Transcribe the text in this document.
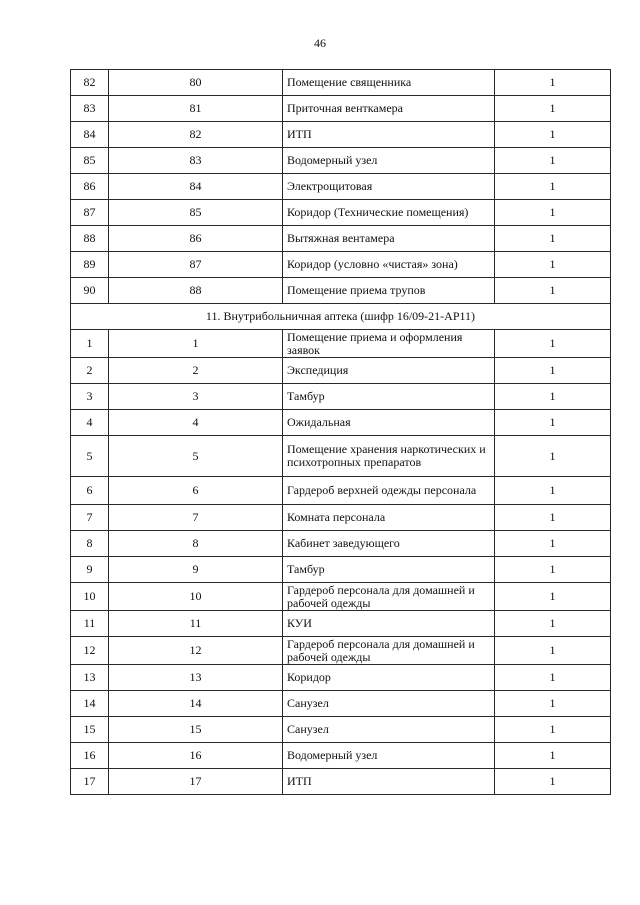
46
82	80	Помещение священника	1
83	81	Приточная венткамера	1
84	82	ИТП	1
85	83	Водомерный узел	1
86	84	Электрощитовая	1
87	85	Коридор (Технические помещения)	1
88	86	Вытяжная вентамера	1
89	87	Коридор (условно «чистая» зона)	1
90	88	Помещение приема трупов	1
11. Внутрибольничная аптека (шифр 16/09-21-АР11)			
1	1	Помещение приема и оформления заявок	1
2	2	Экспедиция	1
3	3	Тамбур	1
4	4	Ожидальная	1
5	5	Помещение хранения наркотических и психотропных препаратов	1
6	6	Гардероб верхней одежды персонала	1
7	7	Комната персонала	1
8	8	Кабинет заведующего	1
9	9	Тамбур	1
10	10	Гардероб персонала для домашней и рабочей одежды	1
11	11	КУИ	1
12	12	Гардероб персонала для домашней и рабочей одежды	1
13	13	Коридор	1
14	14	Санузел	1
15	15	Санузел	1
16	16	Водомерный узел	1
17	17	ИТП	1
